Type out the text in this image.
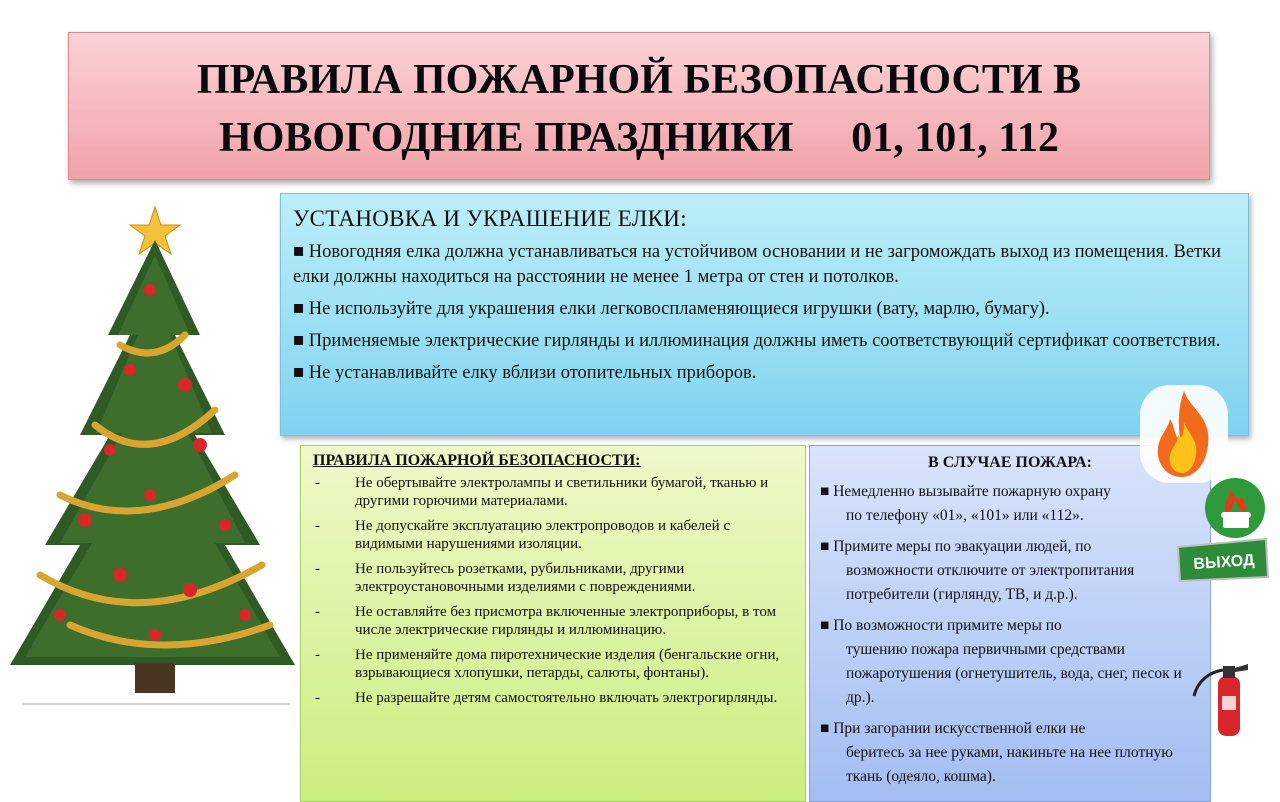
ПРАВИЛА ПОЖАРНОЙ БЕЗОПАСНОСТИ В
НОВОГОДНИЕ ПРАЗДНИКИ 01, 101, 112
УСТАНОВКА И УКРАШЕНИЕ ЕЛКИ:

■ Новогодняя елка должна устанавливаться на устойчивом основании и не загромождать выход из помещения. Ветки елки должны находиться на расстоянии не менее 1 метра от стен и потолков.

■ Не используйте для украшения елки легковоспламеняющиеся игрушки (вату, марлю, бумагу).

■ Применяемые электрические гирлянды и иллюминация должны иметь соответствующий сертификат соответствия.

■ Не устанавливайте елку вблизи отопительных приборов.

ПРАВИЛА ПОЖАРНОЙ БЕЗОПАСНОСТИ:
-	Не обертывайте электролампы и светильники бумагой, тканью и другими горючими материалами.
-	Не допускайте эксплуатацию электропроводов и кабелей с видимыми нарушениями изоляции.
-	Не пользуйтесь розетками, рубильниками, другими электроустановочными изделиями с повреждениями.
-	Не оставляйте без присмотра включенные электроприборы, в том числе электрические гирлянды и иллюминацию.
-	Не применяйте дома пиротехнические изделия (бенгальские огни, взрывающиеся хлопушки, петарды, салюты, фонтаны).
-	Не разрешайте детям самостоятельно включать электрогирлянды.
В СЛУЧАЕ ПОЖАРА:
■ Немедленно вызывайте пожарную охрану
по телефону «01», «101» или «112».
■ Примите меры по эвакуации людей, по
возможности отключите от электропитания потребители (гирлянду, ТВ, и д.р.).
■ По возможности примите меры по
тушению пожара первичными средствами пожаротушения (огнетушитель, вода, снег, песок и др.).
■ При загорании искусственной елки не
беритесь за нее руками, накиньте на нее плотную ткань (одеяло, кошма).
ВЫХОД
